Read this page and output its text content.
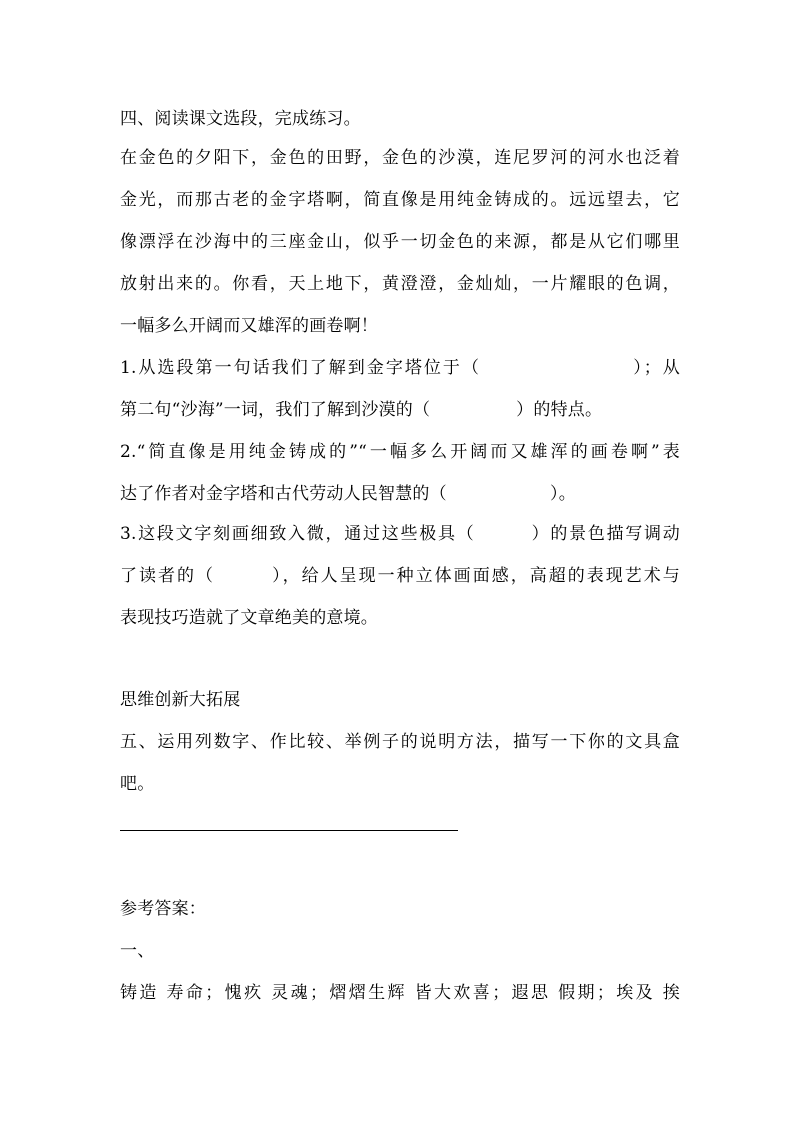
四、阅读课文选段，完成练习。
在金色的夕阳下，金色的田野，金色的沙漠，连尼罗河的河水也泛着
金光，而那古老的金字塔啊，简直像是用纯金铸成的。远远望去，它
像漂浮在沙海中的三座金山，似乎一切金色的来源，都是从它们哪里
放射出来的。你看，天上地下，黄澄澄，金灿灿，一片耀眼的色调，
一幅多么开阔而又雄浑的画卷啊！
1.从选段第一句话我们了解到金字塔位于（　　　　　　　　）；从
第二句“沙海”一词，我们了解到沙漠的（　　　　　）的特点。
2.“简直像是用纯金铸成的”“一幅多么开阔而又雄浑的画卷啊”表
达了作者对金字塔和古代劳动人民智慧的（　　　　　　）。
3.这段文字刻画细致入微，通过这些极具（　　　）的景色描写调动
了读者的（　　　），给人呈现一种立体画面感，高超的表现艺术与
表现技巧造就了文章绝美的意境。
思维创新大拓展
五、运用列数字、作比较、举例子的说明方法，描写一下你的文具盒
吧。
参考答案：
一、
铸造 寿命；愧疚 灵魂；熠熠生辉 皆大欢喜；遐思 假期；埃及 挨
